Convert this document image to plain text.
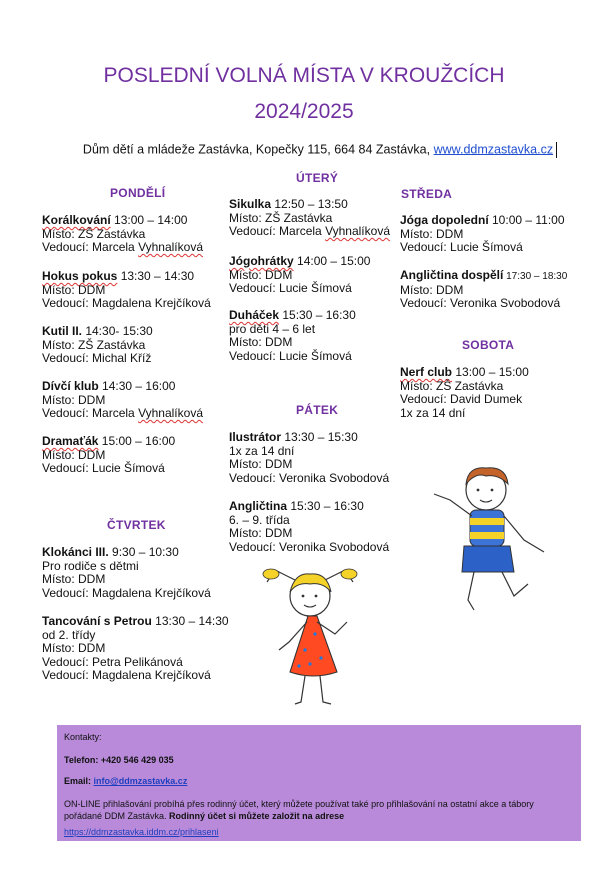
POSLEDNÍ VOLNÁ MÍSTA V KROUŽCÍCH
2024/2025
Dům dětí a mládeže Zastávka, Kopečky 115, 664 84 Zastávka, www.ddmzastavka.cz
PONDĚLÍ
Korálkování 13:00 – 14:00
Místo: ZŠ Zastávka
Vedoucí: Marcela Vyhnalíková
Hokus pokus 13:30 – 14:30
Místo: DDM
Vedoucí: Magdalena Krejčíková
Kutil II. 14:30- 15:30
Místo: ZŠ Zastávka
Vedoucí: Michal Kříž
Dívčí klub 14:30 – 16:00
Místo: DDM
Vedoucí: Marcela Vyhnalíková
Dramaťák 15:00 – 16:00
Místo: DDM
Vedoucí: Lucie Šímová
ČTVRTEK
Klokánci III. 9:30 – 10:30
Pro rodiče s dětmi
Místo: DDM
Vedoucí: Magdalena Krejčíková
Tancování s Petrou 13:30 – 14:30
od 2. třídy
Místo: DDM
Vedoucí: Petra Pelikánová
Vedoucí: Magdalena Krejčíková
ÚTERÝ
Sikulka 12:50 – 13:50
Místo: ZŠ Zastávka
Vedoucí: Marcela Vyhnalíková
Jógohrátky 14:00 – 15:00
Místo: DDM
Vedoucí: Lucie Šímová
Duháček 15:30 – 16:30
pro děti 4 – 6 let
Místo: DDM
Vedoucí: Lucie Šímová
PÁTEK
Ilustrátor 13:30 – 15:30
1x za 14 dní
Místo: DDM
Vedoucí: Veronika Svobodová
Angličtina 15:30 – 16:30
6. – 9. třída
Místo: DDM
Vedoucí: Veronika Svobodová
STŘEDA
Jóga dopolední 10:00 – 11:00
Místo: DDM
Vedoucí: Lucie Šímová
Angličtina dospělí 17:30 – 18:30
Místo: DDM
Vedoucí: Veronika Svobodová
SOBOTA
Nerf club 13:00 – 15:00
Místo: ZŠ Zastávka
Vedoucí: David Dumek
1x za 14 dní
Kontakty:
Telefon: +420 546 429 035
Email: info@ddmzastavka.cz
ON-LINE přihlašování probíhá přes rodinný účet, který můžete používat také pro přihlašování na ostatní akce a tábory pořádané DDM Zastávka. Rodinný účet si můžete založit na adrese
https://ddmzastavka.iddm.cz/prihlaseni
